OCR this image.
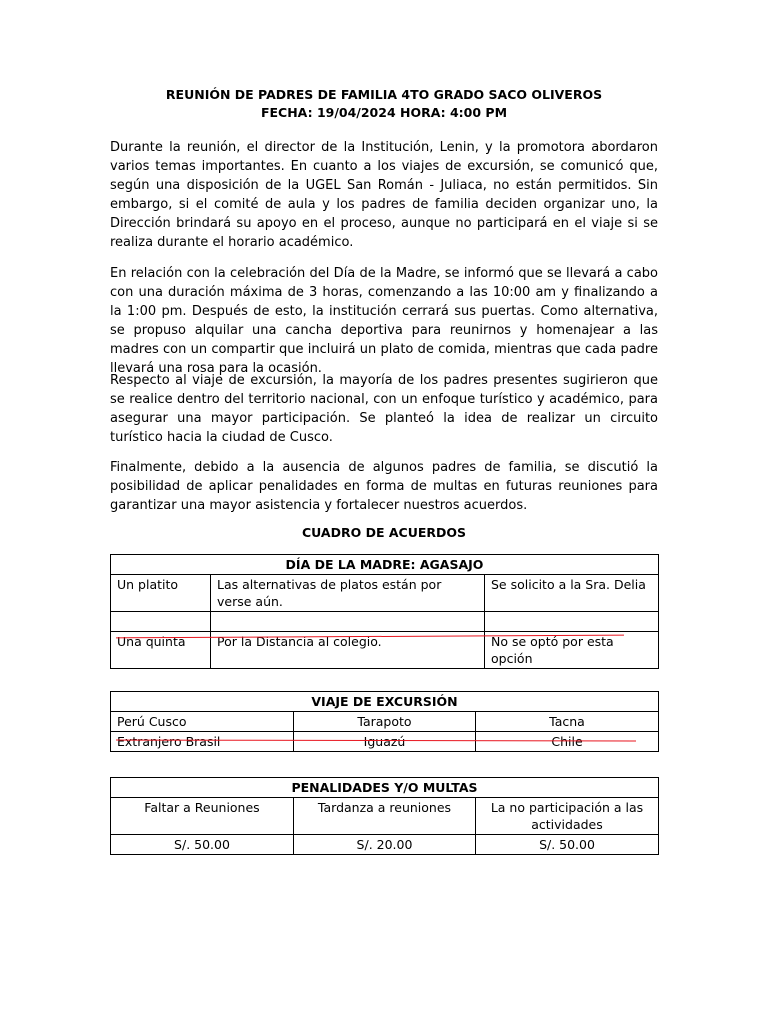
REUNIÓN DE PADRES DE FAMILIA 4TO GRADO SACO OLIVEROS
FECHA: 19/04/2024 HORA: 4:00 PM

Durante la reunión, el director de la Institución, Lenin, y la promotora abordaron varios temas importantes. En cuanto a los viajes de excursión, se comunicó que, según una disposición de la UGEL San Román - Juliaca, no están permitidos. Sin embargo, si el comité de aula y los padres de familia deciden organizar uno, la Dirección brindará su apoyo en el proceso, aunque no participará en el viaje si se realiza durante el horario académico.

En relación con la celebración del Día de la Madre, se informó que se llevará a cabo con una duración máxima de 3 horas, comenzando a las 10:00 am y finalizando a la 1:00 pm. Después de esto, la institución cerrará sus puertas. Como alternativa, se propuso alquilar una cancha deportiva para reunirnos y homenajear a las madres con un compartir que incluirá un plato de comida, mientras que cada padre llevará una rosa para la ocasión.

Respecto al viaje de excursión, la mayoría de los padres presentes sugirieron que se realice dentro del territorio nacional, con un enfoque turístico y académico, para asegurar una mayor participación. Se planteó la idea de realizar un circuito turístico hacia la ciudad de Cusco.

Finalmente, debido a la ausencia de algunos padres de familia, se discutió la posibilidad de aplicar penalidades en forma de multas en futuras reuniones para garantizar una mayor asistencia y fortalecer nuestros acuerdos.

CUADRO DE ACUERDOS
DÍA DE LA MADRE: AGASAJO		
Un platito	Las alternativas de platos están por verse aún.	Se solicito a la Sra. Delia

Una quinta	Por la Distancia al colegio.	No se optó por esta opción
VIAJE DE EXCURSIÓN		
Perú Cusco	Tarapoto	Tacna
Extranjero Brasil	Iguazú	Chile
PENALIDADES Y/O MULTAS		
Faltar a Reuniones	Tardanza a reuniones	La no participación a las actividades
S/. 50.00	S/. 20.00	S/. 50.00
